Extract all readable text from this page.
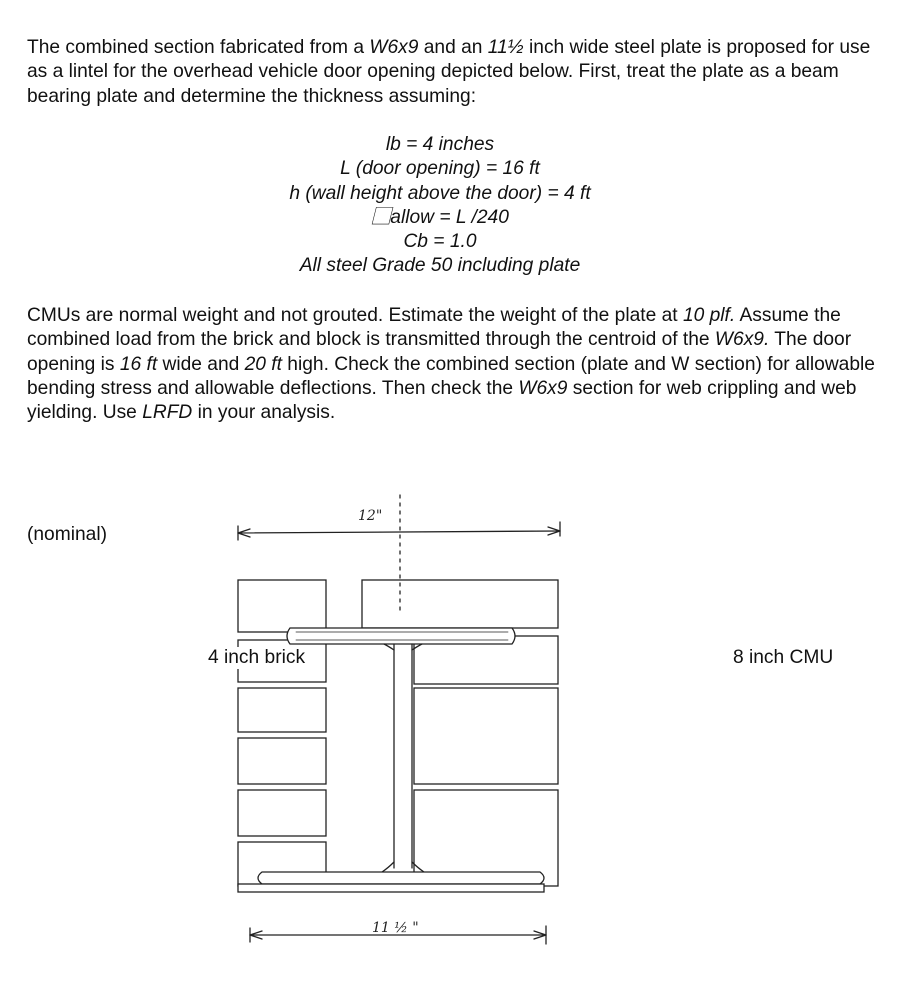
The combined section fabricated from a W6x9 and an 11½ inch wide steel plate is proposed for use as a lintel for the overhead vehicle door opening depicted below. First, treat the plate as a beam bearing plate and determine the thickness assuming:
lb = 4 inches
L (door opening) = 16 ft
h (wall height above the door) = 4 ft
⃞allow = L /240
Cb = 1.0
All steel Grade 50 including plate
CMUs are normal weight and not grouted. Estimate the weight of the plate at 10 plf. Assume the combined load from the brick and block is transmitted through the centroid of the W6x9. The door opening is 16 ft wide and 20 ft high. Check the combined section (plate and W section) for allowable bending stress and allowable deflections. Then check the W6x9 section for web crippling and web yielding. Use LRFD in your analysis.
12"
11 ½ "
(nominal)
4 inch brick	8 inch CMU
